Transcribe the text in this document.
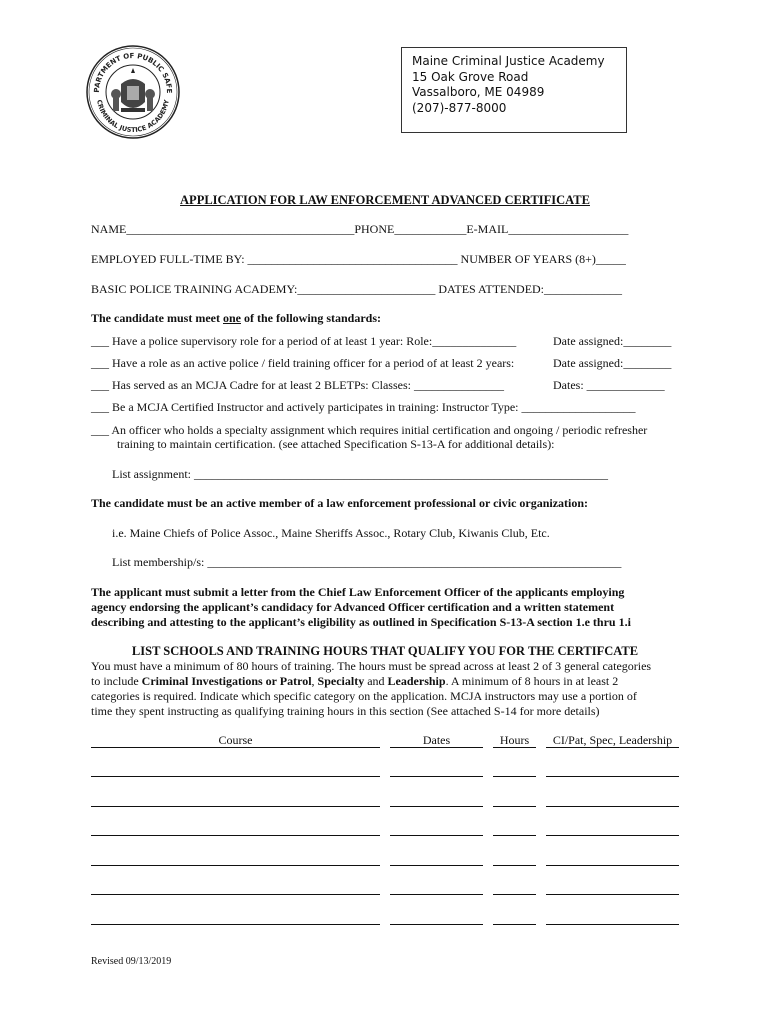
PARTMENT OF PUBLIC SAFE
CRIMINAL JUSTICE ACADEMY
Maine Criminal Justice Academy
15 Oak Grove Road
Vassalboro, ME 04989
(207)-877-8000
APPLICATION FOR LAW ENFORCEMENT ADVANCED CERTIFICATE
NAME______________________________________PHONE____________E-MAIL____________________
EMPLOYED FULL-TIME BY: ___________________________________ NUMBER OF YEARS (8+)_____
BASIC POLICE TRAINING ACADEMY:_______________________ DATES ATTENDED:_____________
The candidate must meet one of the following standards:
___ Have a police supervisory role for a period of at least 1 year: Role:______________	Date assigned:________
___ Have a role as an active police / field training officer for a period of at least 2 years:	Date assigned:________
___ Has served as an MCJA Cadre for at least 2 BLETPs: Classes: _______________	Dates: _____________
___ Be a MCJA Certified Instructor and actively participates in training: Instructor Type: ___________________
___ An officer who holds a specialty assignment which requires initial certification and ongoing / periodic refresher
training to maintain certification. (see attached Specification S-13-A for additional details):
List assignment: _____________________________________________________________________
The candidate must be an active member of a law enforcement professional or civic organization:
i.e. Maine Chiefs of Police Assoc., Maine Sheriffs Assoc., Rotary Club, Kiwanis Club, Etc.
List membership/s: _____________________________________________________________________
The applicant must submit a letter from the Chief Law Enforcement Officer of the applicants employing
agency endorsing the applicant’s candidacy for Advanced Officer certification and a written statement
describing and attesting to the applicant’s eligibility as outlined in Specification S-13-A section 1.e thru 1.i
LIST SCHOOLS AND TRAINING HOURS THAT QUALIFY YOU FOR THE CERTIFCATE
You must have a minimum of 80 hours of training. The hours must be spread across at least 2 of 3 general categories
to include Criminal Investigations or Patrol, Specialty and Leadership. A minimum of 8 hours in at least 2
categories is required. Indicate which specific category on the application. MCJA instructors may use a portion of
time they spent instructing as qualifying training hours in this section (See attached S-14 for more details)
Course	Dates	Hours	CI/Pat, Spec, Leadership
Revised 09/13/2019
